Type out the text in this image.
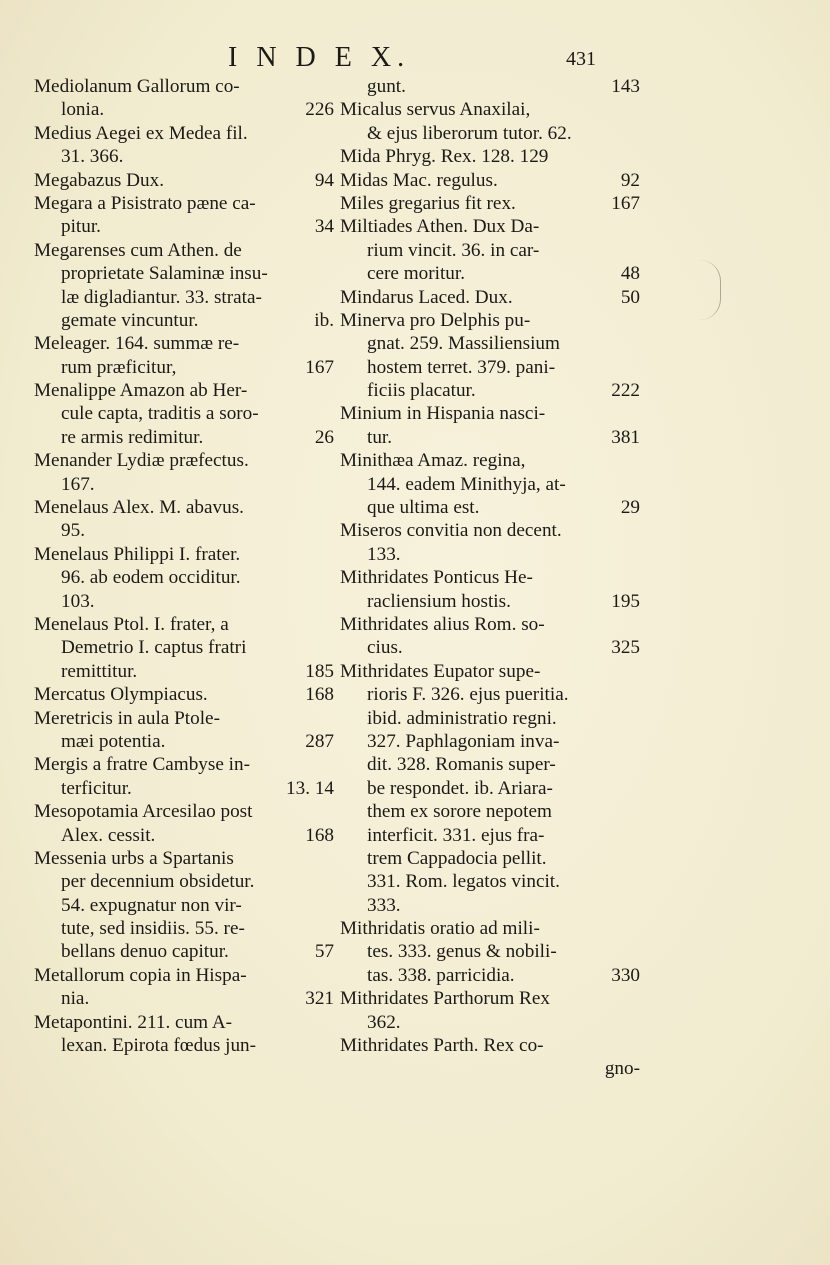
I N D E X.	431
Mediolanum Gallorum co-
lonia.	226
Medius Aegei ex Medea fil.
31. 366.
Megabazus Dux.	94
Megara a Pisistrato pæne ca-
pitur.	34
Megarenses cum Athen. de
proprietate Salaminæ insu-
læ digladiantur. 33. strata-
gemate vincuntur.	ib.
Meleager. 164. summæ re-
rum præficitur,	167
Menalippe Amazon ab Her-
cule capta, traditis a soro-
re armis redimitur.	26
Menander Lydiæ præfectus.
167.
Menelaus Alex. M. abavus.
95.
Menelaus Philippi I. frater.
96. ab eodem occiditur.
103.
Menelaus Ptol. I. frater, a
Demetrio I. captus fratri
remittitur.	185
Mercatus Olympiacus.	168
Meretricis in aula Ptole-
mæi potentia.	287
Mergis a fratre Cambyse in-
terficitur.	13. 14
Mesopotamia Arcesilao post
Alex. cessit.	168
Messenia urbs a Spartanis
per decennium obsidetur.
54. expugnatur non vir-
tute, sed insidiis. 55. re-
bellans denuo capitur.	57
Metallorum copia in Hispa-
nia.	321
Metapontini. 211. cum A-
lexan. Epirota fœdus jun-
gunt.	143
Micalus servus Anaxilai,
& ejus liberorum tutor. 62.
Mida Phryg. Rex. 128. 129
Midas Mac. regulus.	92
Miles gregarius fit rex.	167
Miltiades Athen. Dux Da-
rium vincit. 36. in car-
cere moritur.	48
Mindarus Laced. Dux.	50
Minerva pro Delphis pu-
gnat. 259. Massiliensium
hostem terret. 379. pani-
ficiis placatur.	222
Minium in Hispania nasci-
tur.	381
Minithæa Amaz. regina,
144. eadem Minithyja, at-
que ultima est.	29
Miseros convitia non decent.
133.
Mithridates Ponticus He-
racliensium hostis.	195
Mithridates alius Rom. so-
cius.	325
Mithridates Eupator supe-
rioris F. 326. ejus pueritia.
ibid. administratio regni.
327. Paphlagoniam inva-
dit. 328. Romanis super-
be respondet. ib. Ariara-
them ex sorore nepotem
interficit. 331. ejus fra-
trem Cappadocia pellit.
331. Rom. legatos vincit.
333.
Mithridatis oratio ad mili-
tes. 333. genus & nobili-
tas. 338. parricidia.	330
Mithridates Parthorum Rex
362.
Mithridates Parth. Rex co-
gno-
